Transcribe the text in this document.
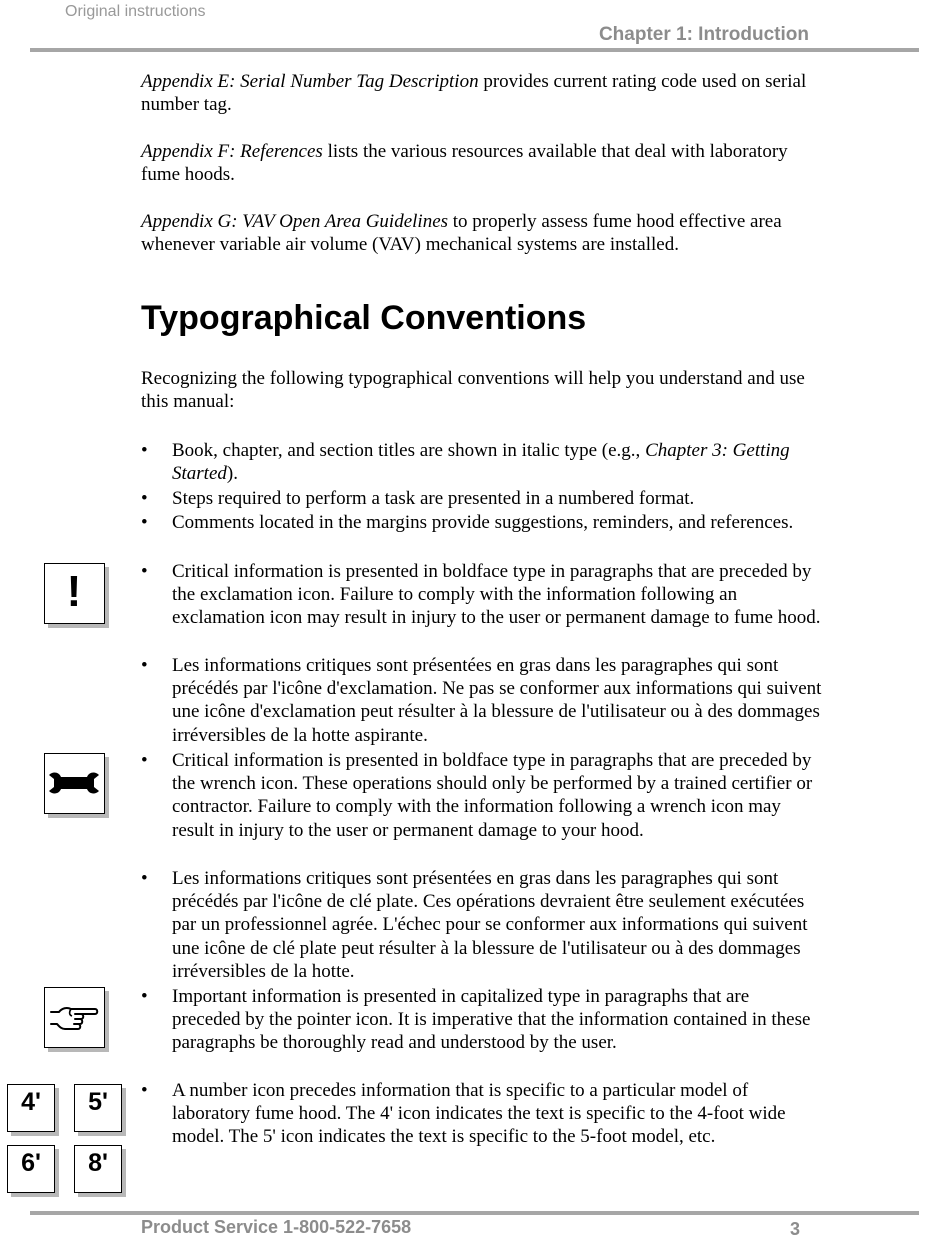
Original instructions
Chapter 1: Introduction

Appendix E: Serial Number Tag Description provides current rating code used on serial number tag.

Appendix F: References lists the various resources available that deal with laboratory fume hoods.

Appendix G: VAV Open Area Guidelines to properly assess fume hood effective area whenever variable air volume (VAV) mechanical systems are installed.

Typographical Conventions

Recognizing the following typographical conventions will help you understand and use this manual:

•	Book, chapter, and section titles are shown in italic type (e.g., Chapter 3: Getting Started).
•	Steps required to perform a task are presented in a numbered format.
•	Comments located in the margins provide suggestions, reminders, and references.
•	Critical information is presented in boldface type in paragraphs that are preceded by the exclamation icon. Failure to comply with the information following an exclamation icon may result in injury to the user or permanent damage to fume hood.
•	Les informations critiques sont présentées en gras dans les paragraphes qui sont précédés par l'icône d'exclamation. Ne pas se conformer aux informations qui suivent une icône d'exclamation peut résulter à la blessure de l'utilisateur ou à des dommages irréversibles de la hotte aspirante.
•	Critical information is presented in boldface type in paragraphs that are preceded by the wrench icon. These operations should only be performed by a trained certifier or contractor. Failure to comply with the information following a wrench icon may result in injury to the user or permanent damage to your hood.
•	Les informations critiques sont présentées en gras dans les paragraphes qui sont précédés par l'icône de clé plate. Ces opérations devraient être seulement exécutées par un professionnel agrée. L'échec pour se conformer aux informations qui suivent une icône de clé plate peut résulter à la blessure de l'utilisateur ou à des dommages irréversibles de la hotte.
•	Important information is presented in capitalized type in paragraphs that are preceded by the pointer icon. It is imperative that the information contained in these paragraphs be thoroughly read and understood by the user.
•	A number icon precedes information that is specific to a particular model of laboratory fume hood. The 4' icon indicates the text is specific to the 4-foot wide model. The 5' icon indicates the text is specific to the 5-foot model, etc.
!
4'	5'
6'	8'
Product Service 1-800-522-7658	3
